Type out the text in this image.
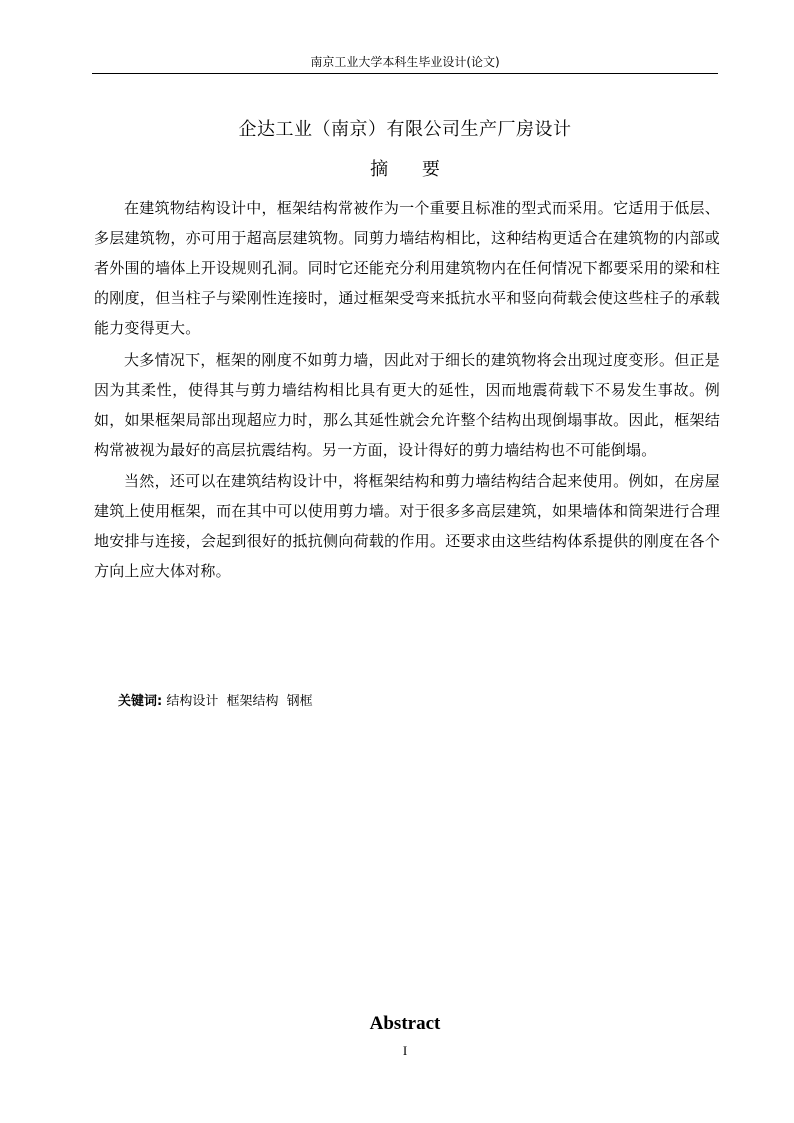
南京工业大学本科生毕业设计(论文)
企达工业（南京）有限公司生产厂房设计
摘 要

在建筑物结构设计中，框架结构常被作为一个重要且标准的型式而采用。它适用于低层、多层建筑物，亦可用于超高层建筑物。同剪力墙结构相比，这种结构更适合在建筑物的内部或者外围的墙体上开设规则孔洞。同时它还能充分利用建筑物内在任何情况下都要采用的梁和柱的刚度，但当柱子与梁刚性连接时，通过框架受弯来抵抗水平和竖向荷载会使这些柱子的承载能力变得更大。

大多情况下，框架的刚度不如剪力墙，因此对于细长的建筑物将会出现过度变形。但正是因为其柔性，使得其与剪力墙结构相比具有更大的延性，因而地震荷载下不易发生事故。例如，如果框架局部出现超应力时，那么其延性就会允许整个结构出现倒塌事故。因此，框架结构常被视为最好的高层抗震结构。另一方面，设计得好的剪力墙结构也不可能倒塌。

当然，还可以在建筑结构设计中，将框架结构和剪力墙结构结合起来使用。例如，在房屋建筑上使用框架，而在其中可以使用剪力墙。对于很多多高层建筑，如果墙体和筒架进行合理地安排与连接，会起到很好的抵抗侧向荷载的作用。还要求由这些结构体系提供的刚度在各个方向上应大体对称。

关键词: 结构设计 框架结构 钢框
Abstract
I
